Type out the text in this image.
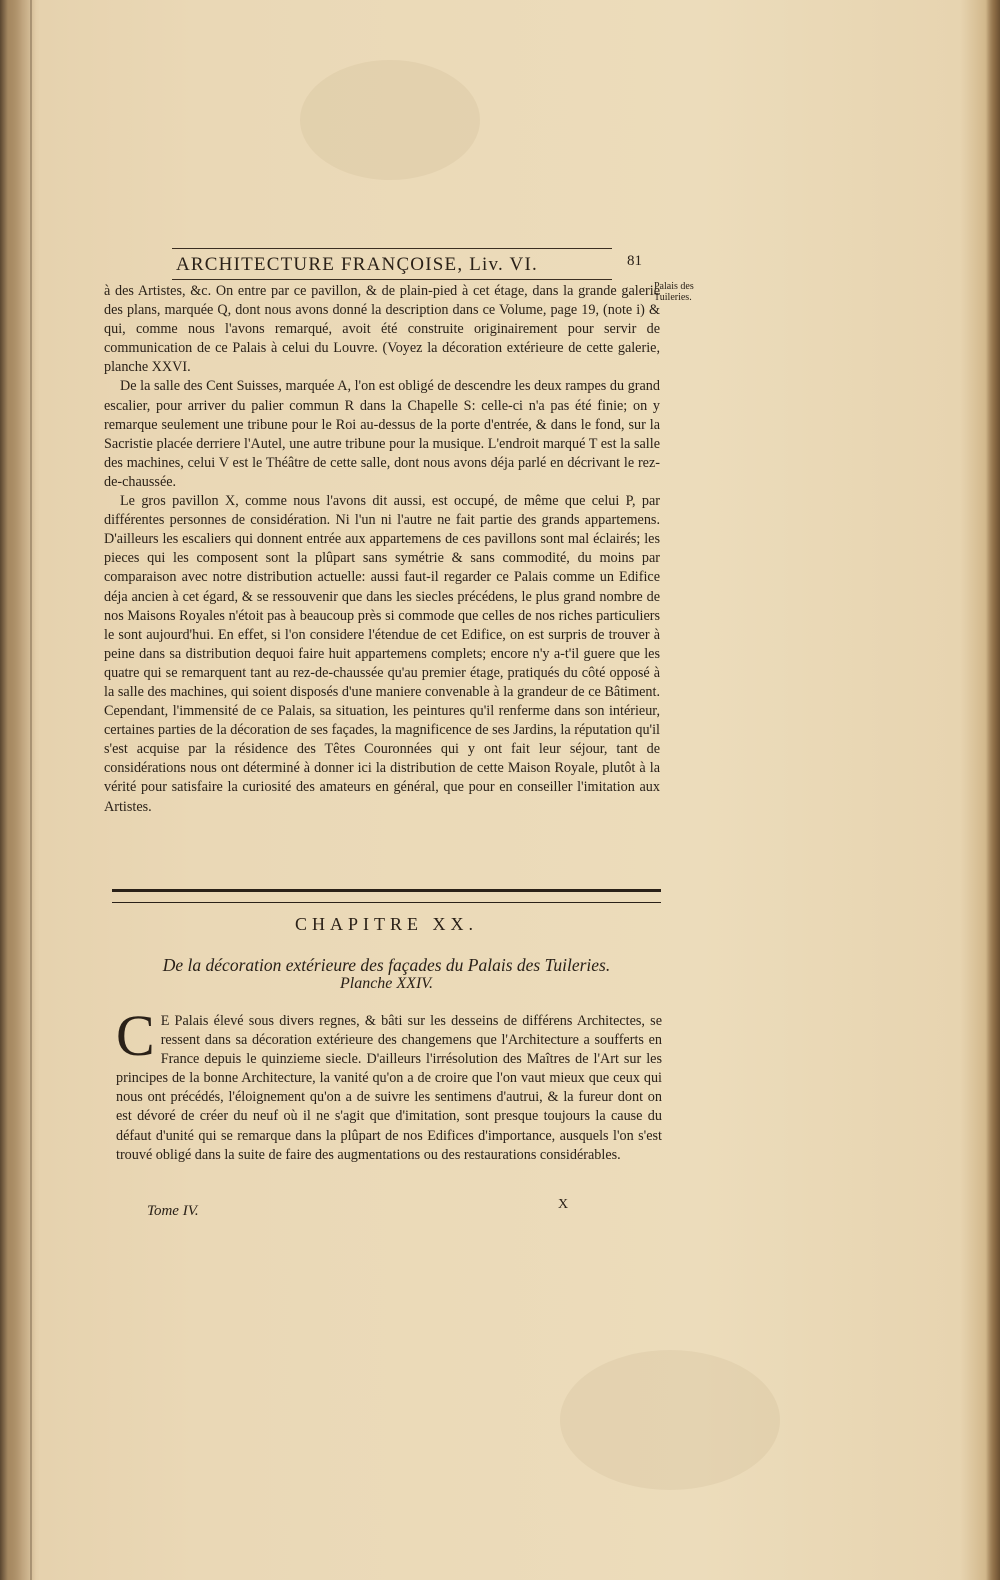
ARCHITECTURE FRANÇOISE, Liv. VI.	81
Palais des Tuileries.

à des Artistes, &c. On entre par ce pavillon, & de plain-pied à cet étage, dans la grande galerie des plans, marquée Q, dont nous avons donné la description dans ce Volume, page 19, (note i) & qui, comme nous l'avons remarqué, avoit été construite originairement pour servir de communication de ce Palais à celui du Louvre. (Voyez la décoration extérieure de cette galerie, planche XXVI.

De la salle des Cent Suisses, marquée A, l'on est obligé de descendre les deux rampes du grand escalier, pour arriver du palier commun R dans la Chapelle S: celle-ci n'a pas été finie; on y remarque seulement une tribune pour le Roi au-dessus de la porte d'entrée, & dans le fond, sur la Sacristie placée derriere l'Autel, une autre tribune pour la musique. L'endroit marqué T est la salle des machines, celui V est le Théâtre de cette salle, dont nous avons déja parlé en décrivant le rez-de-chaussée.

Le gros pavillon X, comme nous l'avons dit aussi, est occupé, de même que celui P, par différentes personnes de considération. Ni l'un ni l'autre ne fait partie des grands appartemens. D'ailleurs les escaliers qui donnent entrée aux appartemens de ces pavillons sont mal éclairés; les pieces qui les composent sont la plûpart sans symétrie & sans commodité, du moins par comparaison avec notre distribution actuelle: aussi faut-il regarder ce Palais comme un Edifice déja ancien à cet égard, & se ressouvenir que dans les siecles précédens, le plus grand nombre de nos Maisons Royales n'étoit pas à beaucoup près si commode que celles de nos riches particuliers le sont aujourd'hui. En effet, si l'on considere l'étendue de cet Edifice, on est surpris de trouver à peine dans sa distribution dequoi faire huit appartemens complets; encore n'y a-t'il guere que les quatre qui se remarquent tant au rez-de-chaussée qu'au premier étage, pratiqués du côté opposé à la salle des machines, qui soient disposés d'une maniere convenable à la grandeur de ce Bâtiment. Cependant, l'immensité de ce Palais, sa situation, les peintures qu'il renferme dans son intérieur, certaines parties de la décoration de ses façades, la magnificence de ses Jardins, la réputation qu'il s'est acquise par la résidence des Têtes Couronnées qui y ont fait leur séjour, tant de considérations nous ont déterminé à donner ici la distribution de cette Maison Royale, plutôt à la vérité pour satisfaire la curiosité des amateurs en général, que pour en conseiller l'imitation aux Artistes.

CHAPITRE XX.
De la décoration extérieure des façades du Palais des Tuileries.
Planche XXIV.
C E Palais élevé sous divers regnes, & bâti sur les desseins de différens Architectes, se ressent dans sa décoration extérieure des changemens que l'Architecture a soufferts en France depuis le quinzieme siecle. D'ailleurs l'irrésolution des Maîtres de l'Art sur les principes de la bonne Architecture, la vanité qu'on a de croire que l'on vaut mieux que ceux qui nous ont précédés, l'éloignement qu'on a de suivre les sentimens d'autrui, & la fureur dont on est dévoré de créer du neuf où il ne s'agit que d'imitation, sont presque toujours la cause du défaut d'unité qui se remarque dans la plûpart de nos Edifices d'importance, ausquels l'on s'est trouvé obligé dans la suite de faire des augmentations ou des restaurations considérables.
Tome IV.	X
